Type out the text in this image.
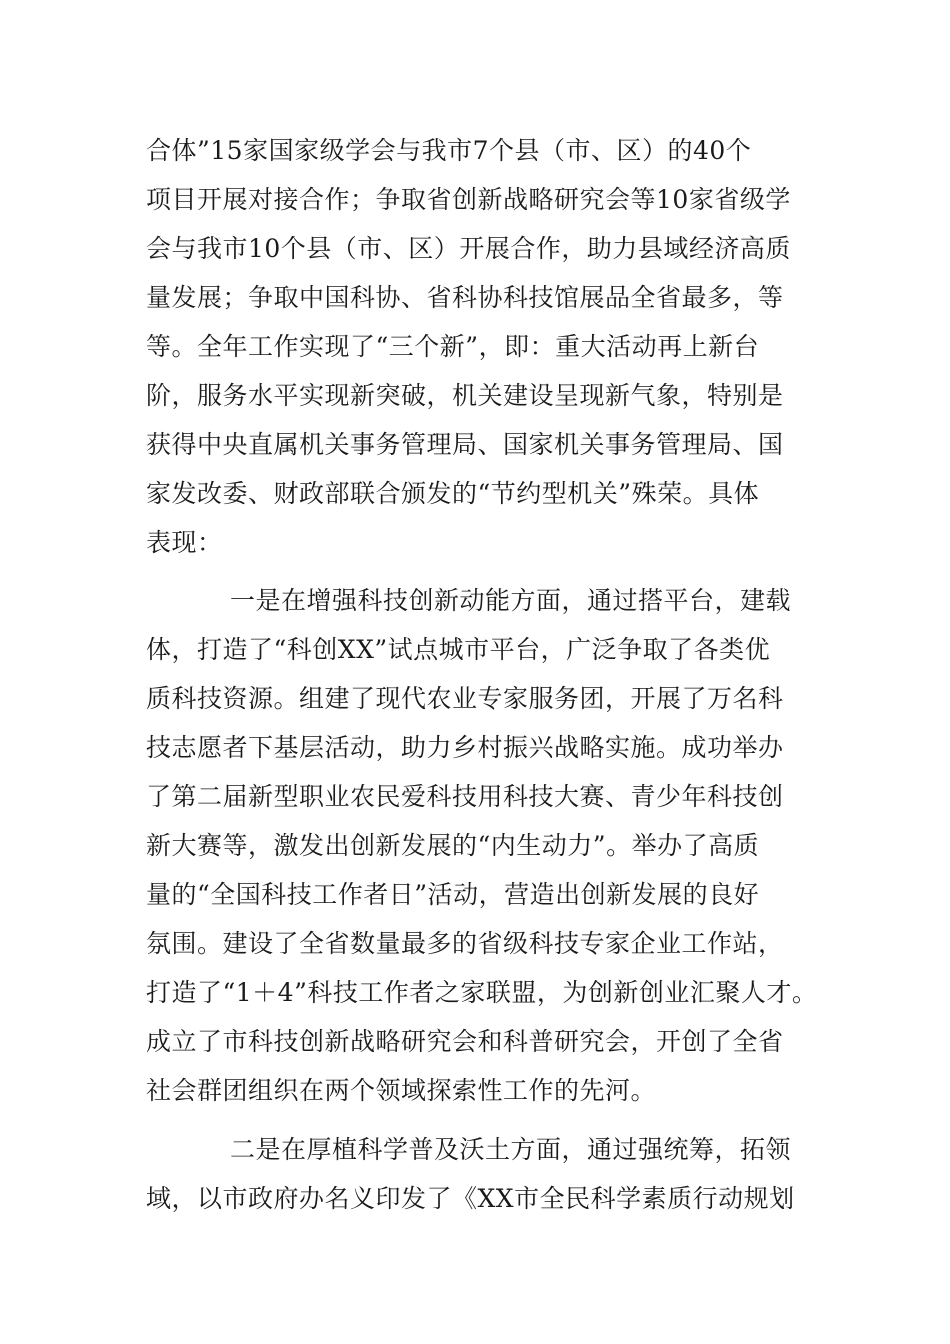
合体”15家国家级学会与我市7个县（市、区）的40个
项目开展对接合作；争取省创新战略研究会等10家省级学
会与我市10个县（市、区）开展合作，助力县域经济高质
量发展；争取中国科协、省科协科技馆展品全省最多，等
等。全年工作实现了“三个新”，即：重大活动再上新台
阶，服务水平实现新突破，机关建设呈现新气象，特别是
获得中央直属机关事务管理局、国家机关事务管理局、国
家发改委、财政部联合颁发的“节约型机关”殊荣。具体
表现：
一是在增强科技创新动能方面，通过搭平台，建载
体，打造了“科创XX”试点城市平台，广泛争取了各类优
质科技资源。组建了现代农业专家服务团，开展了万名科
技志愿者下基层活动，助力乡村振兴战略实施。成功举办
了第二届新型职业农民爱科技用科技大赛、青少年科技创
新大赛等，激发出创新发展的“内生动力”。举办了高质
量的“全国科技工作者日”活动，营造出创新发展的良好
氛围。建设了全省数量最多的省级科技专家企业工作站，
打造了“1＋4”科技工作者之家联盟，为创新创业汇聚人才。
成立了市科技创新战略研究会和科普研究会，开创了全省
社会群团组织在两个领域探索性工作的先河。
二是在厚植科学普及沃土方面，通过强统筹，拓领
域，以市政府办名义印发了《XX市全民科学素质行动规划
